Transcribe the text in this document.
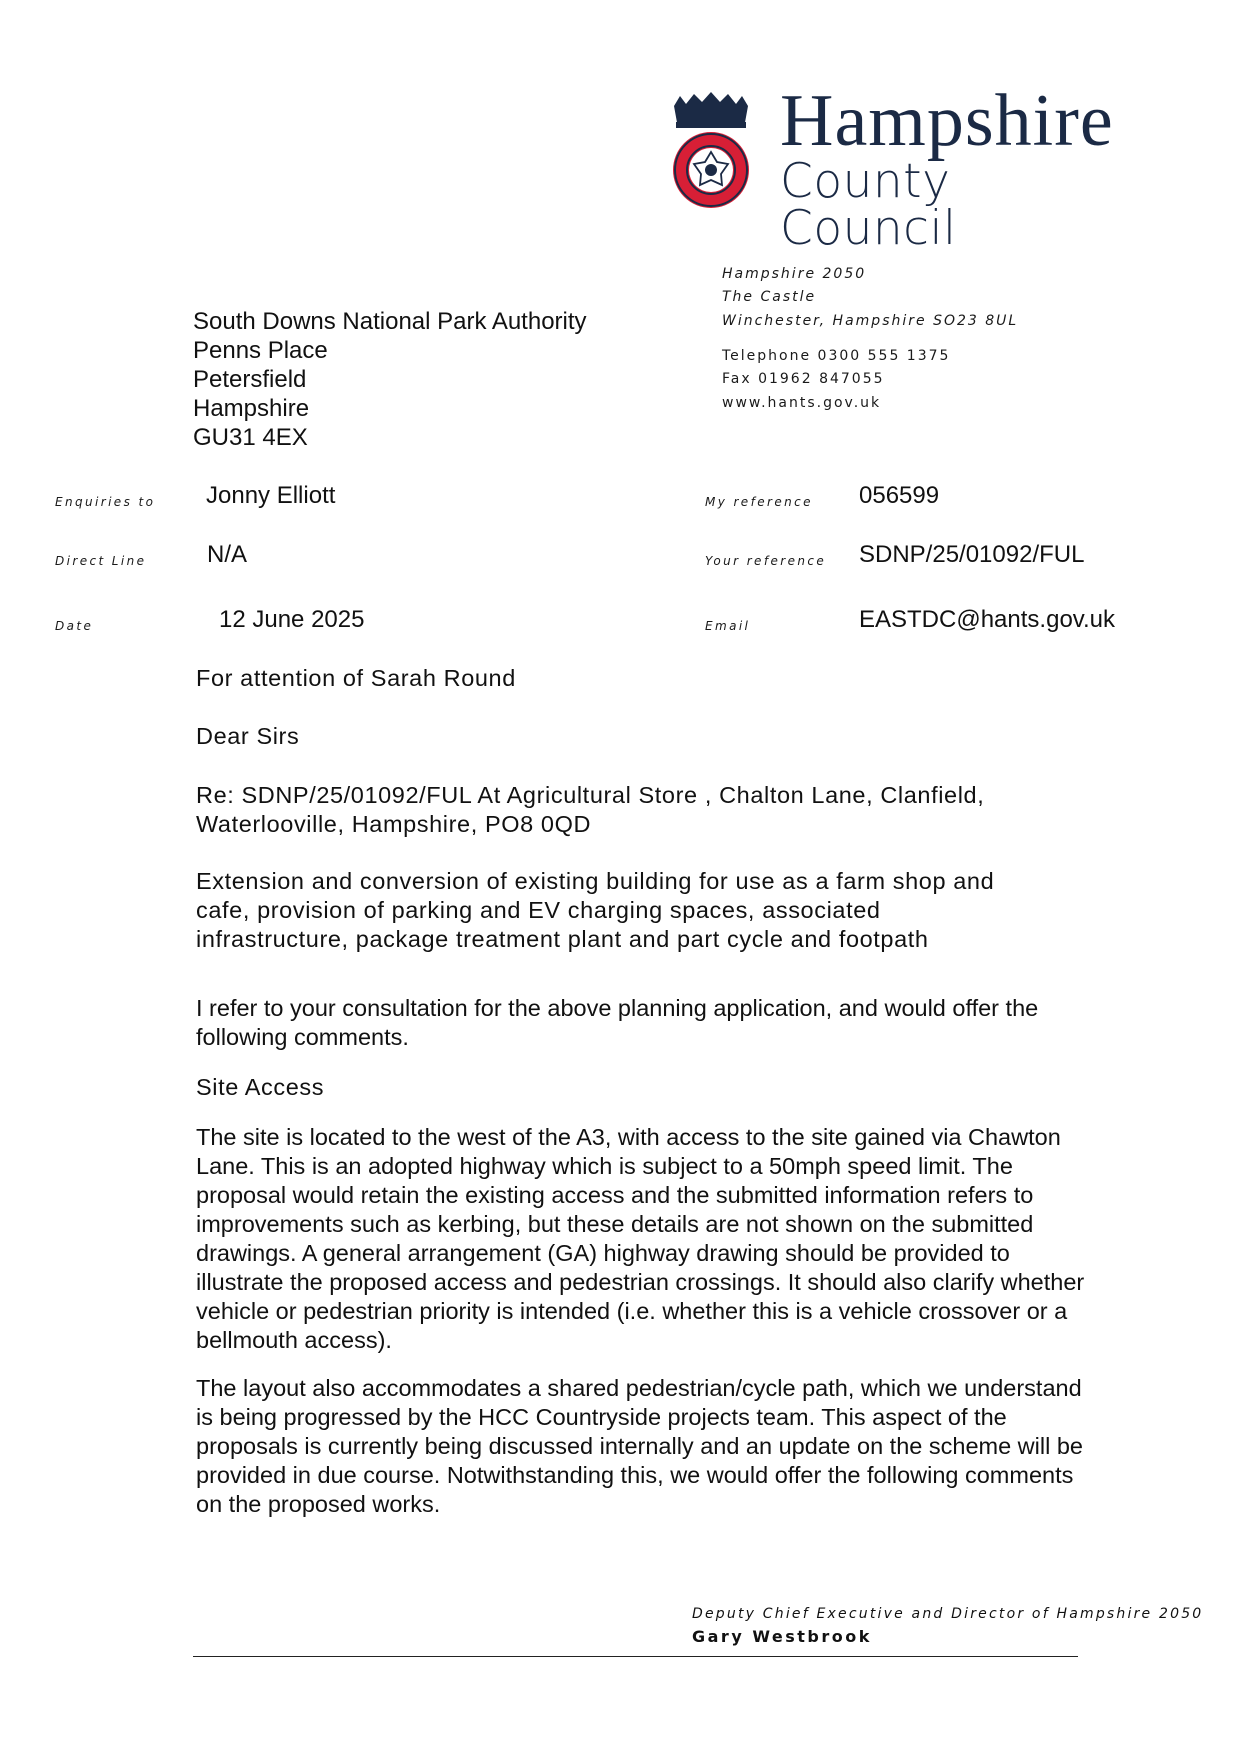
Hampshire
County Council
Hampshire 2050
The Castle
Winchester, Hampshire SO23 8UL
Telephone 0300 555 1375
Fax 01962 847055
www.hants.gov.uk
South Downs National Park Authority
Penns Place
Petersfield
Hampshire
GU31 4EX
Enquiries to Jonny Elliott
Direct Line	N/A
Date	12 June 2025
My reference 056599
Your reference SDNP/25/01092/FUL
Email	EASTDC@hants.gov.uk
For attention of Sarah Round
Dear Sirs
Re: SDNP/25/01092/FUL At Agricultural Store , Chalton Lane, Clanfield,
Waterlooville, Hampshire, PO8 0QD
Extension and conversion of existing building for use as a farm shop and cafe, provision of parking and EV charging spaces, associated infrastructure, package treatment plant and part cycle and footpath
I refer to your consultation for the above planning application, and would offer the following comments.
Site Access
The site is located to the west of the A3, with access to the site gained via Chawton Lane. This is an adopted highway which is subject to a 50mph speed limit. The proposal would retain the existing access and the submitted information refers to improvements such as kerbing, but these details are not shown on the submitted drawings. A general arrangement (GA) highway drawing should be provided to illustrate the proposed access and pedestrian crossings. It should also clarify whether vehicle or pedestrian priority is intended (i.e. whether this is a vehicle crossover or a bellmouth access).
The layout also accommodates a shared pedestrian/cycle path, which we understand is being progressed by the HCC Countryside projects team. This aspect of the proposals is currently being discussed internally and an update on the scheme will be provided in due course. Notwithstanding this, we would offer the following comments on the proposed works.
Deputy Chief Executive and Director of Hampshire 2050
Gary Westbrook
